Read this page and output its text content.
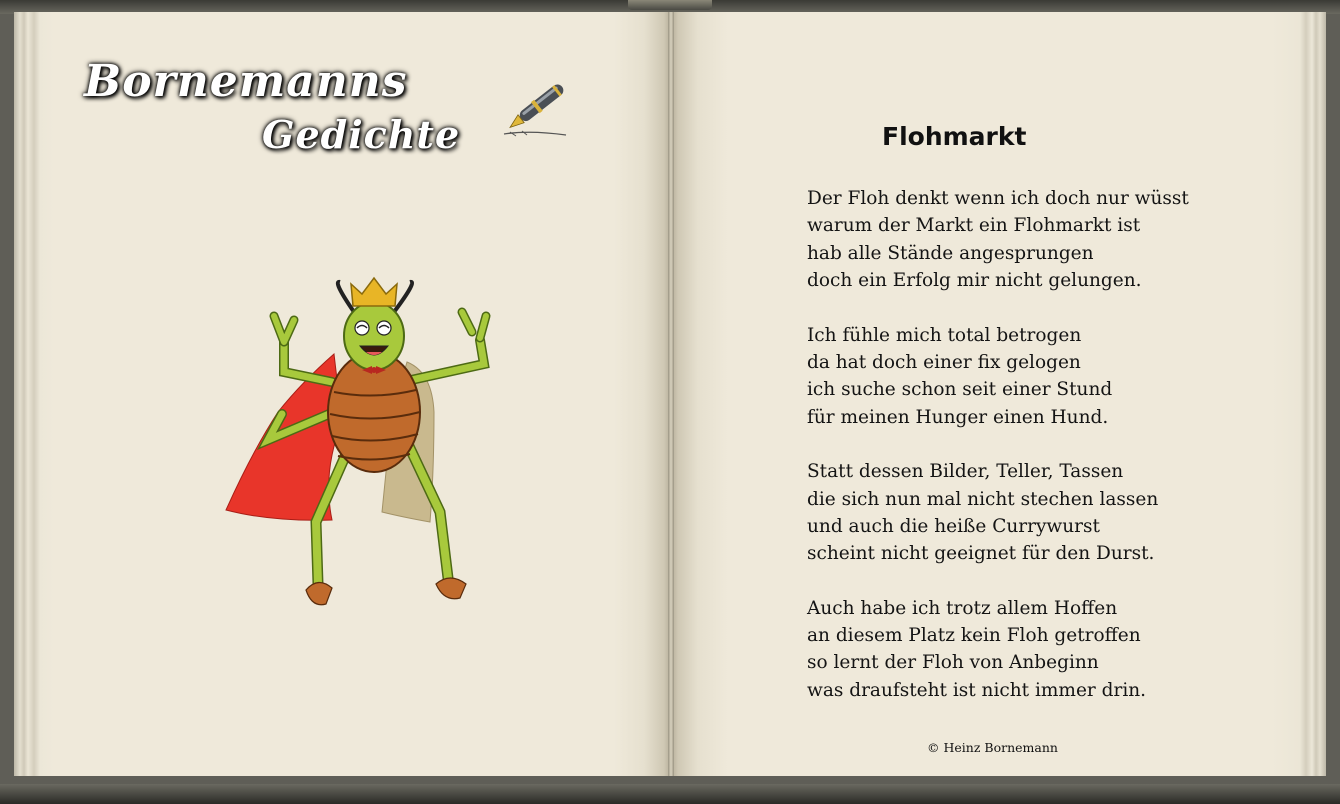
Bornemanns
Gedichte	Flohmarkt

Der Floh denkt wenn ich doch nur wüsst
warum der Markt ein Flohmarkt ist
hab alle Stände angesprungen
doch ein Erfolg mir nicht gelungen.

Ich fühle mich total betrogen
da hat doch einer fix gelogen
ich suche schon seit einer Stund
für meinen Hunger einen Hund.

Statt dessen Bilder, Teller, Tassen
die sich nun mal nicht stechen lassen
und auch die heiße Currywurst
scheint nicht geeignet für den Durst.

Auch habe ich trotz allem Hoffen
an diesem Platz kein Floh getroffen
so lernt der Floh von Anbeginn
was draufsteht ist nicht immer drin.

© Heinz Bornemann
